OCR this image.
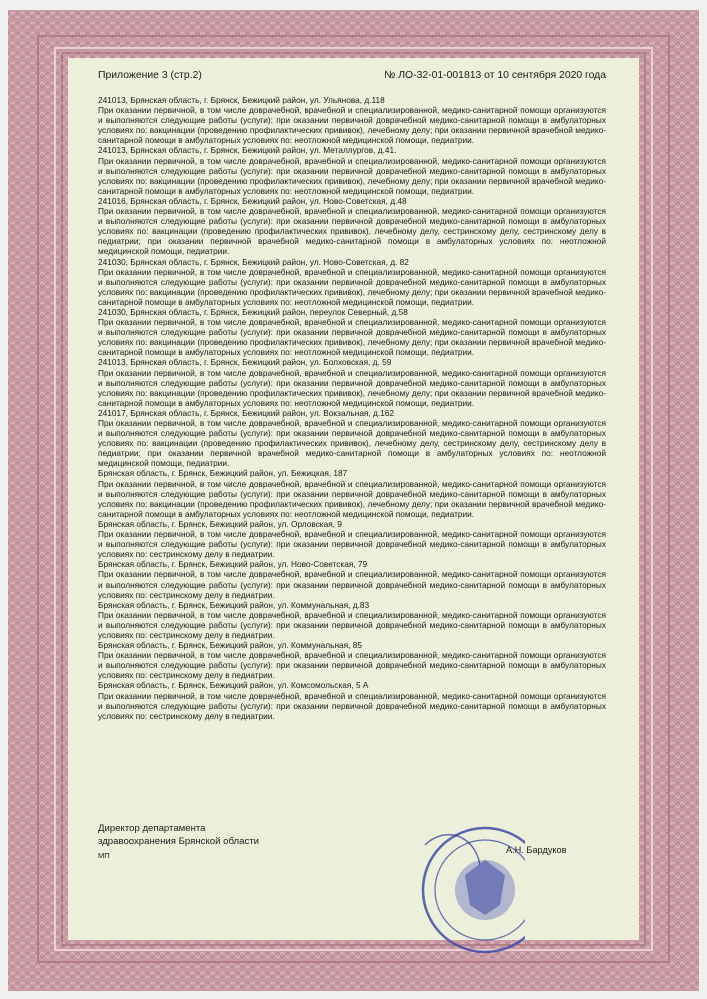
Приложение 3 (стр.2)	№ ЛО-32-01-001813 от 10 сентября 2020 года
241013, Брянская область, г. Брянск, Бежицкий район, ул. Ульянова, д.118
При оказании первичной, в том числе доврачебной, врачебной и специализированной, медико-санитарной помощи организуются и выполняются следующие работы (услуги): при оказании первичной доврачебной медико-санитарной помощи в амбулаторных условиях по: вакцинации (проведению профилактических прививок), лечебному делу; при оказании первичной врачебной медико-санитарной помощи в амбулаторных условиях по: неотложной медицинской помощи, педиатрии.
241013, Брянская область, г. Брянск, Бежицкий район, ул. Металлургов, д.41.
При оказании первичной, в том числе доврачебной, врачебной и специализированной, медико-санитарной помощи организуются и выполняются следующие работы (услуги): при оказании первичной доврачебной медико-санитарной помощи в амбулаторных условиях по: вакцинации (проведению профилактических прививок), лечебному делу; при оказании первичной врачебной медико-санитарной помощи в амбулаторных условиях по: неотложной медицинской помощи, педиатрии.
241016, Брянская область, г. Брянск, Бежицкий район, ул. Ново-Советская, д.48
При оказании первичной, в том числе доврачебной, врачебной и специализированной, медико-санитарной помощи организуются и выполняются следующие работы (услуги): при оказании первичной доврачебной медико-санитарной помощи в амбулаторных условиях по: вакцинации (проведению профилактических прививок), лечебному делу, сестринскому делу, сестринскому делу в педиатрии; при оказании первичной врачебной медико-санитарной помощи в амбулаторных условиях по: неотложной медицинской помощи, педиатрии.
241030, Брянская область, г. Брянск, Бежицкий район, ул. Ново-Советская, д. 82
При оказании первичной, в том числе доврачебной, врачебной и специализированной, медико-санитарной помощи организуются и выполняются следующие работы (услуги): при оказании первичной доврачебной медико-санитарной помощи в амбулаторных условиях по: вакцинации (проведению профилактических прививок), лечебному делу; при оказании первичной врачебной медико-санитарной помощи в амбулаторных условиях по: неотложной медицинской помощи, педиатрии.
241030, Брянская область, г. Брянск, Бежицкий район, переулок Северный, д.58
При оказании первичной, в том числе доврачебной, врачебной и специализированной, медико-санитарной помощи организуются и выполняются следующие работы (услуги): при оказании первичной доврачебной медико-санитарной помощи в амбулаторных условиях по: вакцинации (проведению профилактических прививок), лечебному делу; при оказании первичной врачебной медико-санитарной помощи в амбулаторных условиях по: неотложной медицинской помощи, педиатрии.
241013, Брянская область, г. Брянск, Бежицкий район, ул. Болховская, д. 59
При оказании первичной, в том числе доврачебной, врачебной и специализированной, медико-санитарной помощи организуются и выполняются следующие работы (услуги): при оказании первичной доврачебной медико-санитарной помощи в амбулаторных условиях по: вакцинации (проведению профилактических прививок), лечебному делу; при оказании первичной врачебной медико-санитарной помощи в амбулаторных условиях по: неотложной медицинской помощи, педиатрии.
241017, Брянская область, г. Брянск, Бежицкий район, ул. Вокзальная, д.162
При оказании первичной, в том числе доврачебной, врачебной и специализированной, медико-санитарной помощи организуются и выполняются следующие работы (услуги): при оказании первичной доврачебной медико-санитарной помощи в амбулаторных условиях по: вакцинации (проведению профилактических прививок), лечебному делу, сестринскому делу, сестринскому делу в педиатрии; при оказании первичной врачебной медико-санитарной помощи в амбулаторных условиях по: неотложной медицинской помощи, педиатрии.
Брянская область, г. Брянск, Бежицкий район, ул. Бежицкая, 187
При оказании первичной, в том числе доврачебной, врачебной и специализированной, медико-санитарной помощи организуются и выполняются следующие работы (услуги): при оказании первичной доврачебной медико-санитарной помощи в амбулаторных условиях по: вакцинации (проведению профилактических прививок), лечебному делу; при оказании первичной врачебной медико-санитарной помощи в амбулаторных условиях по: неотложной медицинской помощи, педиатрии.
Брянская область, г. Брянск, Бежицкий район, ул. Орловская, 9
При оказании первичной, в том числе доврачебной, врачебной и специализированной, медико-санитарной помощи организуются и выполняются следующие работы (услуги): при оказании первичной доврачебной медико-санитарной помощи в амбулаторных условиях по: сестринскому делу в педиатрии.
Брянская область, г. Брянск, Бежицкий район, ул. Ново-Советская, 79
При оказании первичной, в том числе доврачебной, врачебной и специализированной, медико-санитарной помощи организуются и выполняются следующие работы (услуги): при оказании первичной доврачебной медико-санитарной помощи в амбулаторных условиях по: сестринскому делу в педиатрии.
Брянская область, г. Брянск, Бежицкий район, ул. Коммунальная, д.83
При оказании первичной, в том числе доврачебной, врачебной и специализированной, медико-санитарной помощи организуются и выполняются следующие работы (услуги): при оказании первичной доврачебной медико-санитарной помощи в амбулаторных условиях по: сестринскому делу в педиатрии.
Брянская область, г. Брянск, Бежицкий район, ул. Коммунальная, 85
При оказании первичной, в том числе доврачебной, врачебной и специализированной, медико-санитарной помощи организуются и выполняются следующие работы (услуги): при оказании первичной доврачебной медико-санитарной помощи в амбулаторных условиях по: сестринскому делу в педиатрии.
Брянская область, г. Брянск, Бежицкий район, ул. Комсомольская, 5 А
При оказании первичной, в том числе доврачебной, врачебной и специализированной, медико-санитарной помощи организуются и выполняются следующие работы (услуги): при оказании первичной доврачебной медико-санитарной помощи в амбулаторных условиях по: сестринскому делу в педиатрии.
Директор департамента
здравоохранения Брянской области
МП
А.Н. Бардуков
